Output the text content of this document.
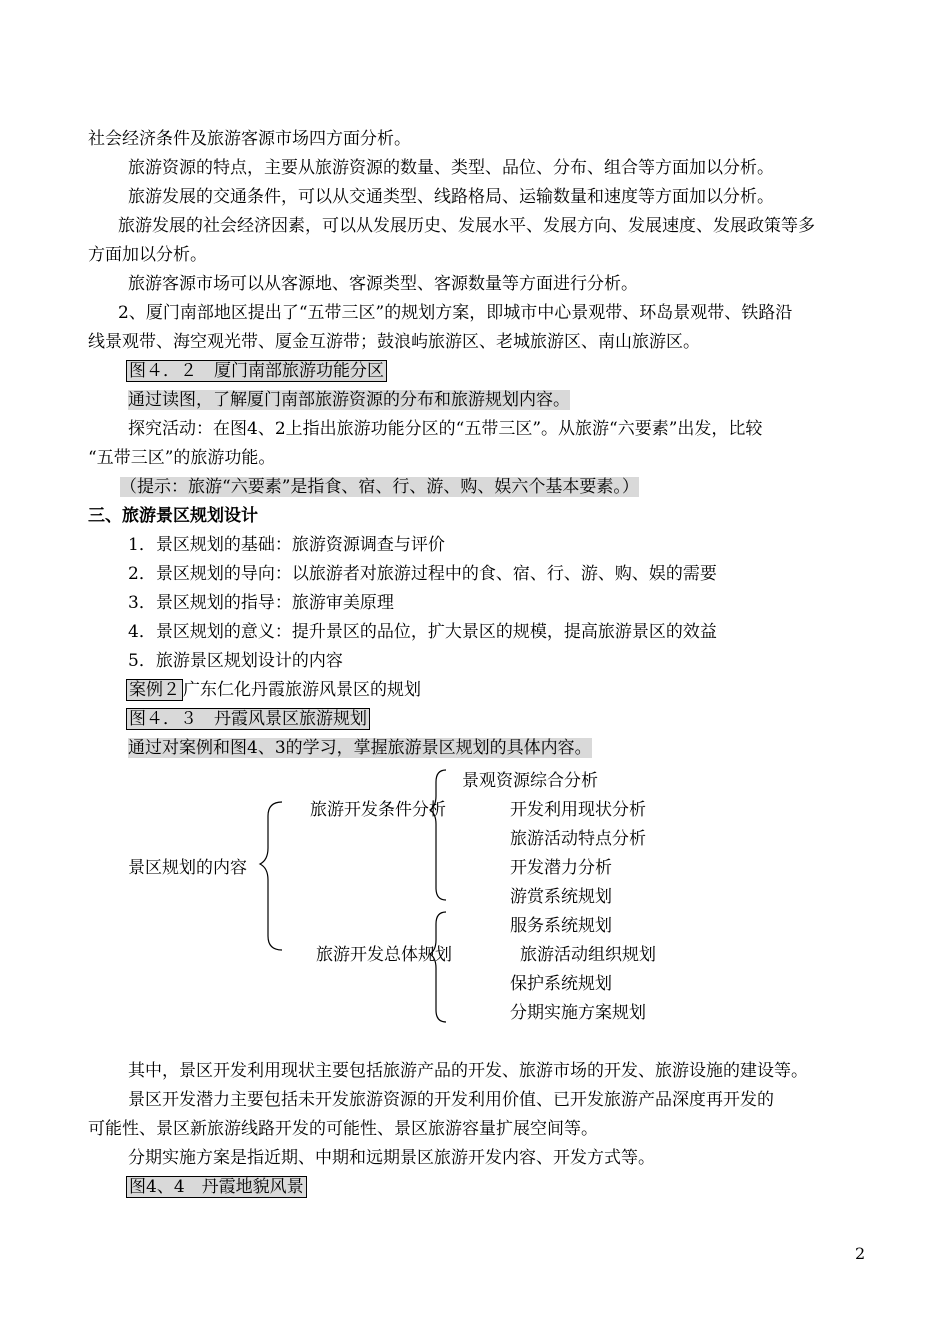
社会经济条件及旅游客源市场四方面分析。
旅游资源的特点，主要从旅游资源的数量、类型、品位、分布、组合等方面加以分析。
旅游发展的交通条件，可以从交通类型、线路格局、运输数量和速度等方面加以分析。
旅游发展的社会经济因素，可以从发展历史、发展水平、发展方向、发展速度、发展政策等多
方面加以分析。
旅游客源市场可以从客源地、客源类型、客源数量等方面进行分析。
2、厦门南部地区提出了“五带三区”的规划方案，即城市中心景观带、环岛景观带、铁路沿
线景观带、海空观光带、厦金互游带；鼓浪屿旅游区、老城旅游区、南山旅游区。
图４．２　厦门南部旅游功能分区
通过读图，了解厦门南部旅游资源的分布和旅游规划内容。
探究活动：在图4、2上指出旅游功能分区的“五带三区”。从旅游“六要素”出发，比较
“五带三区”的旅游功能。
（提示：旅游“六要素”是指食、宿、行、游、购、娱六个基本要素。）
三、旅游景区规划设计
1．景区规划的基础：旅游资源调查与评价
2．景区规划的导向：以旅游者对旅游过程中的食、宿、行、游、购、娱的需要
3．景区规划的指导：旅游审美原理
4．景区规划的意义：提升景区的品位，扩大景区的规模，提高旅游景区的效益
5．旅游景区规划设计的内容
案例２ 广东仁化丹霞旅游风景区的规划
图４．３　丹霞风景区旅游规划
通过对案例和图4、3的学习，掌握旅游景区规划的具体内容。
景区规划的内容
旅游开发条件分析
旅游开发总体规划
景观资源综合分析
开发利用现状分析
旅游活动特点分析
开发潜力分析
游赏系统规划
服务系统规划
旅游活动组织规划
保护系统规划
分期实施方案规划
其中，景区开发利用现状主要包括旅游产品的开发、旅游市场的开发、旅游设施的建设等。
景区开发潜力主要包括未开发旅游资源的开发利用价值、已开发旅游产品深度再开发的
可能性、景区新旅游线路开发的可能性、景区旅游容量扩展空间等。
分期实施方案是指近期、中期和远期景区旅游开发内容、开发方式等。
图4、4　丹霞地貌风景
2
